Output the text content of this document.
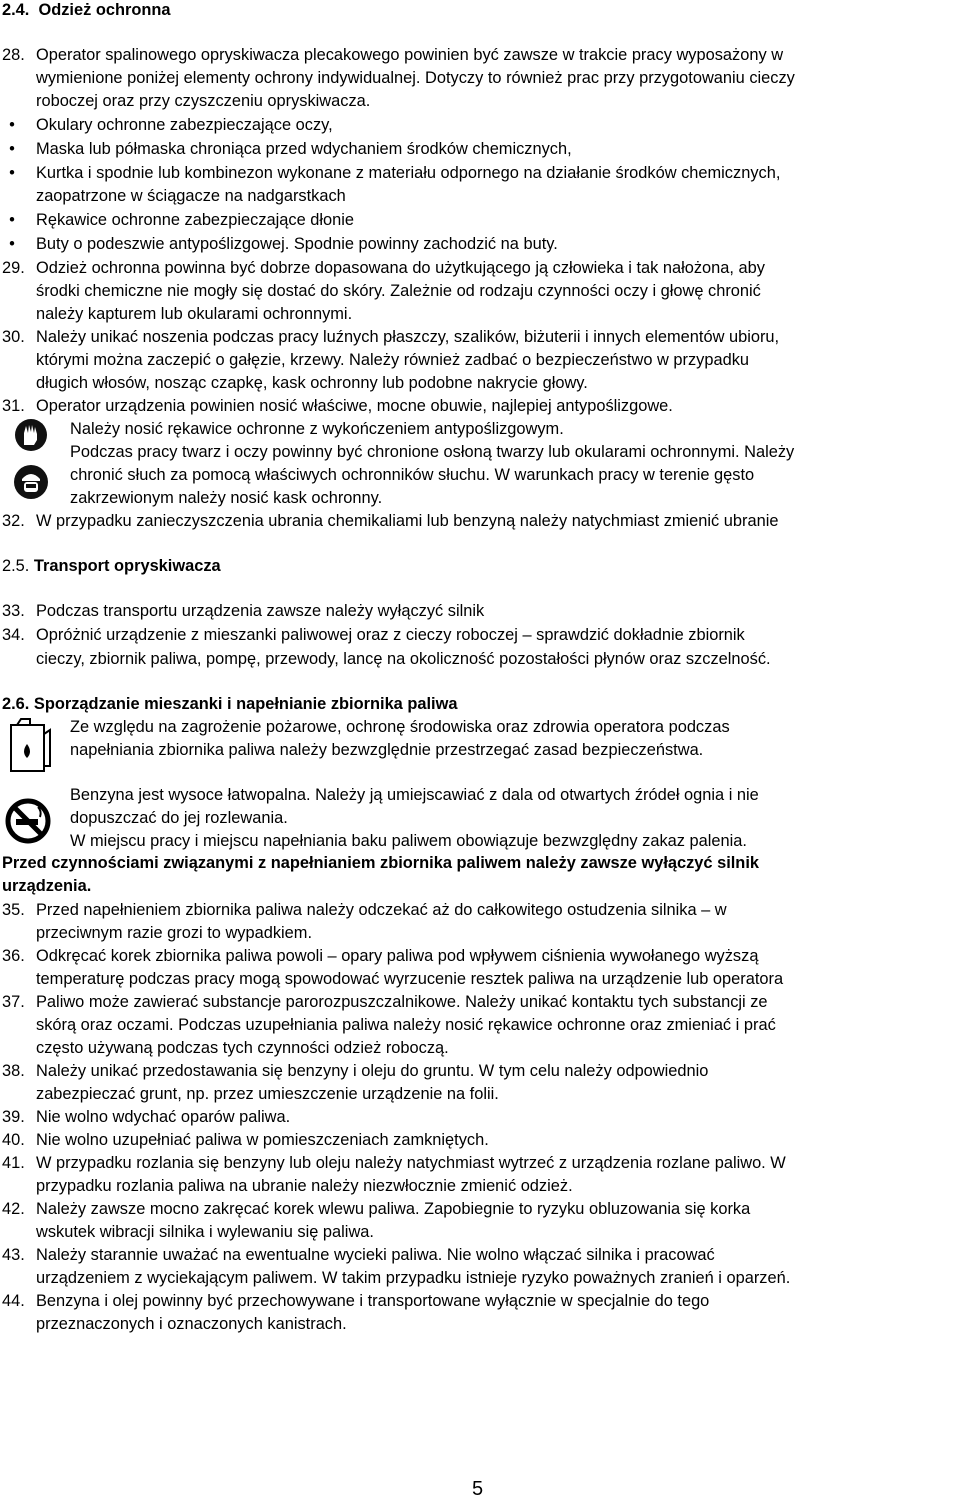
2.4. Odzież ochronna
28. Operator spalinowego opryskiwacza plecakowego powinien być zawsze w trakcie pracy wyposażony w
wymienione poniżej elementy ochrony indywidualnej. Dotyczy to również prac przy przygotowaniu cieczy
roboczej oraz przy czyszczeniu opryskiwacza.
•	Okulary ochronne zabezpieczające oczy,
•	Maska lub półmaska chroniąca przed wdychaniem środków chemicznych,
•	Kurtka i spodnie lub kombinezon wykonane z materiału odpornego na działanie środków chemicznych,
zaopatrzone w ściągacze na nadgarstkach
•	Rękawice ochronne zabezpieczające dłonie
•	Buty o podeszwie antypoślizgowej. Spodnie powinny zachodzić na buty.
29. Odzież ochronna powinna być dobrze dopasowana do użytkującego ją człowieka i tak nałożona, aby
środki chemiczne nie mogły się dostać do skóry. Zależnie od rodzaju czynności oczy i głowę chronić
należy kapturem lub okularami ochronnymi.
30. Należy unikać noszenia podczas pracy luźnych płaszczy, szalików, biżuterii i innych elementów ubioru,
którymi można zaczepić o gałęzie, krzewy. Należy również zadbać o bezpieczeństwo w przypadku
długich włosów, nosząc czapkę, kask ochronny lub podobne nakrycie głowy.
31. Operator urządzenia powinien nosić właściwe, mocne obuwie, najlepiej antypoślizgowe.
Należy nosić rękawice ochronne z wykończeniem antypoślizgowym.
Podczas pracy twarz i oczy powinny być chronione osłoną twarzy lub okularami ochronnymi. Należy
chronić słuch za pomocą właściwych ochronników słuchu. W warunkach pracy w terenie gęsto
zakrzewionym należy nosić kask ochronny.
32. W przypadku zanieczyszczenia ubrania chemikaliami lub benzyną należy natychmiast zmienić ubranie
2.5. Transport opryskiwacza
33. Podczas transportu urządzenia zawsze należy wyłączyć silnik
34. Opróżnić urządzenie z mieszanki paliwowej oraz z cieczy roboczej – sprawdzić dokładnie zbiornik
cieczy, zbiornik paliwa, pompę, przewody, lancę na okoliczność pozostałości płynów oraz szczelność.
2.6. Sporządzanie mieszanki i napełnianie zbiornika paliwa
Ze względu na zagrożenie pożarowe, ochronę środowiska oraz zdrowia operatora podczas
napełniania zbiornika paliwa należy bezwzględnie przestrzegać zasad bezpieczeństwa.
Benzyna jest wysoce łatwopalna. Należy ją umiejscawiać z dala od otwartych źródeł ognia i nie
dopuszczać do jej rozlewania.
W miejscu pracy i miejscu napełniania baku paliwem obowiązuje bezwzględny zakaz palenia.
Przed czynnościami związanymi z napełnianiem zbiornika paliwem należy zawsze wyłączyć silnik
urządzenia.
35. Przed napełnieniem zbiornika paliwa należy odczekać aż do całkowitego ostudzenia silnika – w
przeciwnym razie grozi to wypadkiem.
36. Odkręcać korek zbiornika paliwa powoli – opary paliwa pod wpływem ciśnienia wywołanego wyższą
temperaturę podczas pracy mogą spowodować wyrzucenie resztek paliwa na urządzenie lub operatora
37. Paliwo może zawierać substancje parorozpuszczalnikowe. Należy unikać kontaktu tych substancji ze
skórą oraz oczami. Podczas uzupełniania paliwa należy nosić rękawice ochronne oraz zmieniać i prać
często używaną podczas tych czynności odzież roboczą.
38. Należy unikać przedostawania się benzyny i oleju do gruntu. W tym celu należy odpowiednio
zabezpieczać grunt, np. przez umieszczenie urządzenie na folii.
39. Nie wolno wdychać oparów paliwa.
40. Nie wolno uzupełniać paliwa w pomieszczeniach zamkniętych.
41. W przypadku rozlania się benzyny lub oleju należy natychmiast wytrzeć z urządzenia rozlane paliwo. W
przypadku rozlania paliwa na ubranie należy niezwłocznie zmienić odzież.
42. Należy zawsze mocno zakręcać korek wlewu paliwa. Zapobiegnie to ryzyku obluzowania się korka
wskutek wibracji silnika i wylewaniu się paliwa.
43. Należy starannie uważać na ewentualne wycieki paliwa. Nie wolno włączać silnika i pracować
urządzeniem z wyciekającym paliwem. W takim przypadku istnieje ryzyko poważnych zranień i oparzeń.
44. Benzyna i olej powinny być przechowywane i transportowane wyłącznie w specjalnie do tego
przeznaczonych i oznaczonych kanistrach.
5
